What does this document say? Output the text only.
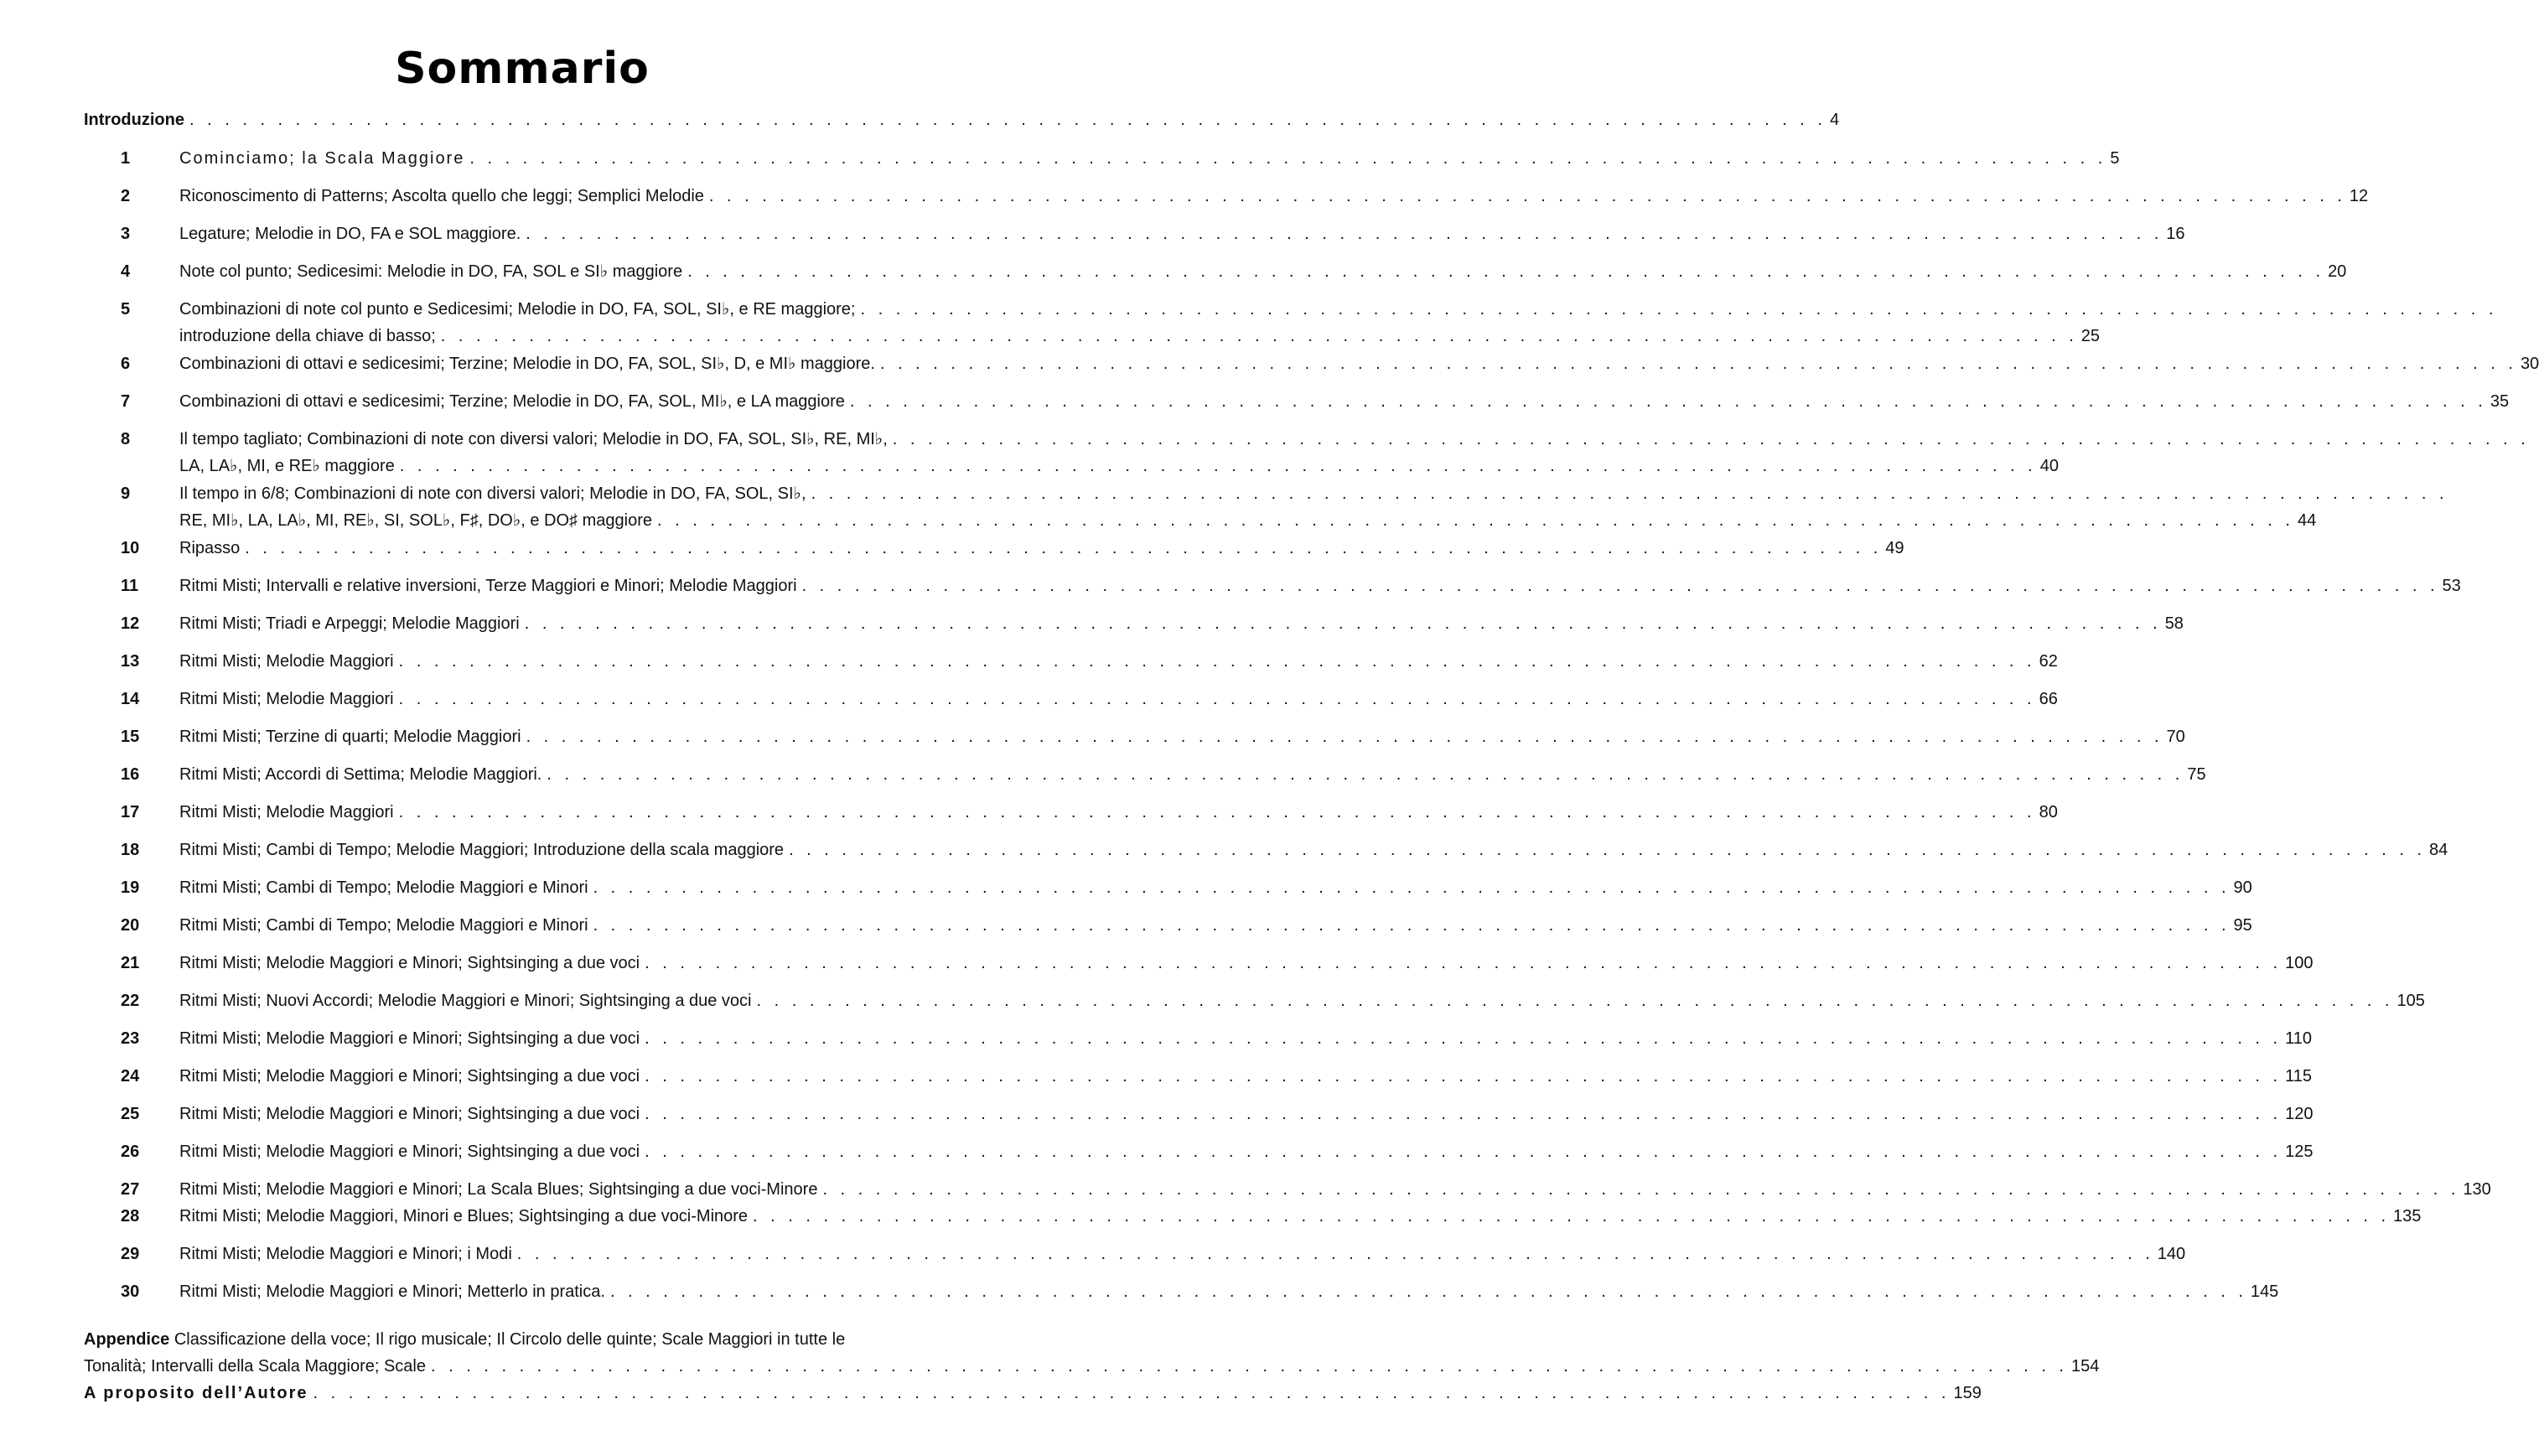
Sommario
Introduzione . . . . . . . . . . . . . . . . . . . . . . . . . . . . . . . . . . . . . . . . . . . . . . . . . . . . . . . . . . . . . . . . . . . . . . . . . . . . . . . . . . . . . . . . . . . . . 4
Appendice Classificazione della voce; Il rigo musicale; Il Circolo delle quinte; Scale Maggiori in tutte le
Tonalità; Intervalli della Scala Maggiore; Scale . . . . . . . . . . . . . . . . . . . . . . . . . . . . . . . . . . . . . . . . . . . . . . . . . . . . . . . . . . . . . . . . . . . . . . . . . . . . . . . . . . . . . . . . . . . . . 154
A proposito dell’Autore . . . . . . . . . . . . . . . . . . . . . . . . . . . . . . . . . . . . . . . . . . . . . . . . . . . . . . . . . . . . . . . . . . . . . . . . . . . . . . . . . . . . . . . . . . . . . 159
1	Cominciamo; la Scala Maggiore . . . . . . . . . . . . . . . . . . . . . . . . . . . . . . . . . . . . . . . . . . . . . . . . . . . . . . . . . . . . . . . . . . . . . . . . . . . . . . . . . . . . . . . . . . . . . 5
2	Riconoscimento di Patterns; Ascolta quello che leggi; Semplici Melodie . . . . . . . . . . . . . . . . . . . . . . . . . . . . . . . . . . . . . . . . . . . . . . . . . . . . . . . . . . . . . . . . . . . . . . . . . . . . . . . . . . . . . . . . . . . . . 12
3	Legature; Melodie in DO, FA e SOL maggiore. . . . . . . . . . . . . . . . . . . . . . . . . . . . . . . . . . . . . . . . . . . . . . . . . . . . . . . . . . . . . . . . . . . . . . . . . . . . . . . . . . . . . . . . . . . . . . 16
4	Note col punto; Sedicesimi: Melodie in DO, FA, SOL e SI♭ maggiore . . . . . . . . . . . . . . . . . . . . . . . . . . . . . . . . . . . . . . . . . . . . . . . . . . . . . . . . . . . . . . . . . . . . . . . . . . . . . . . . . . . . . . . . . . . . . 20
5	Combinazioni di note col punto e Sedicesimi; Melodie in DO, FA, SOL, SI♭, e RE maggiore; . . . . . . . . . . . . . . . . . . . . . . . . . . . . . . . . . . . . . . . . . . . . . . . . . . . . . . . . . . . . . . . . . . . . . . . . . . . . . . . . . . . . . . . . . . . . .
introduzione della chiave di basso; . . . . . . . . . . . . . . . . . . . . . . . . . . . . . . . . . . . . . . . . . . . . . . . . . . . . . . . . . . . . . . . . . . . . . . . . . . . . . . . . . . . . . . . . . . . . . 25
6	Combinazioni di ottavi e sedicesimi; Terzine; Melodie in DO, FA, SOL, SI♭, D, e MI♭ maggiore. . . . . . . . . . . . . . . . . . . . . . . . . . . . . . . . . . . . . . . . . . . . . . . . . . . . . . . . . . . . . . . . . . . . . . . . . . . . . . . . . . . . . . . . . . . . . . 30
7	Combinazioni di ottavi e sedicesimi; Terzine; Melodie in DO, FA, SOL, MI♭, e LA maggiore . . . . . . . . . . . . . . . . . . . . . . . . . . . . . . . . . . . . . . . . . . . . . . . . . . . . . . . . . . . . . . . . . . . . . . . . . . . . . . . . . . . . . . . . . . . . . 35
8	Il tempo tagliato; Combinazioni di note con diversi valori; Melodie in DO, FA, SOL, SI♭, RE, MI♭, . . . . . . . . . . . . . . . . . . . . . . . . . . . . . . . . . . . . . . . . . . . . . . . . . . . . . . . . . . . . . . . . . . . . . . . . . . . . . . . . . . . . . . . . . . . . .
LA, LA♭, MI, e RE♭ maggiore . . . . . . . . . . . . . . . . . . . . . . . . . . . . . . . . . . . . . . . . . . . . . . . . . . . . . . . . . . . . . . . . . . . . . . . . . . . . . . . . . . . . . . . . . . . . . 40
9	Il tempo in 6/8; Combinazioni di note con diversi valori; Melodie in DO, FA, SOL, SI♭, . . . . . . . . . . . . . . . . . . . . . . . . . . . . . . . . . . . . . . . . . . . . . . . . . . . . . . . . . . . . . . . . . . . . . . . . . . . . . . . . . . . . . . . . . . . . .
RE, MI♭, LA, LA♭, MI, RE♭, SI, SOL♭, F♯, DO♭, e DO♯ maggiore . . . . . . . . . . . . . . . . . . . . . . . . . . . . . . . . . . . . . . . . . . . . . . . . . . . . . . . . . . . . . . . . . . . . . . . . . . . . . . . . . . . . . . . . . . . . . 44
10 Ripasso . . . . . . . . . . . . . . . . . . . . . . . . . . . . . . . . . . . . . . . . . . . . . . . . . . . . . . . . . . . . . . . . . . . . . . . . . . . . . . . . . . . . . . . . . . . . . 49
11 Ritmi Misti; Intervalli e relative inversioni, Terze Maggiori e Minori; Melodie Maggiori . . . . . . . . . . . . . . . . . . . . . . . . . . . . . . . . . . . . . . . . . . . . . . . . . . . . . . . . . . . . . . . . . . . . . . . . . . . . . . . . . . . . . . . . . . . . . 53
12 Ritmi Misti; Triadi e Arpeggi; Melodie Maggiori . . . . . . . . . . . . . . . . . . . . . . . . . . . . . . . . . . . . . . . . . . . . . . . . . . . . . . . . . . . . . . . . . . . . . . . . . . . . . . . . . . . . . . . . . . . . . 58
13 Ritmi Misti; Melodie Maggiori . . . . . . . . . . . . . . . . . . . . . . . . . . . . . . . . . . . . . . . . . . . . . . . . . . . . . . . . . . . . . . . . . . . . . . . . . . . . . . . . . . . . . . . . . . . . . 62
14 Ritmi Misti; Melodie Maggiori . . . . . . . . . . . . . . . . . . . . . . . . . . . . . . . . . . . . . . . . . . . . . . . . . . . . . . . . . . . . . . . . . . . . . . . . . . . . . . . . . . . . . . . . . . . . . 66
15 Ritmi Misti; Terzine di quarti; Melodie Maggiori . . . . . . . . . . . . . . . . . . . . . . . . . . . . . . . . . . . . . . . . . . . . . . . . . . . . . . . . . . . . . . . . . . . . . . . . . . . . . . . . . . . . . . . . . . . . . 70
16 Ritmi Misti; Accordi di Settima; Melodie Maggiori. . . . . . . . . . . . . . . . . . . . . . . . . . . . . . . . . . . . . . . . . . . . . . . . . . . . . . . . . . . . . . . . . . . . . . . . . . . . . . . . . . . . . . . . . . . . . . 75
17 Ritmi Misti; Melodie Maggiori . . . . . . . . . . . . . . . . . . . . . . . . . . . . . . . . . . . . . . . . . . . . . . . . . . . . . . . . . . . . . . . . . . . . . . . . . . . . . . . . . . . . . . . . . . . . . 80
18 Ritmi Misti; Cambi di Tempo; Melodie Maggiori; Introduzione della scala maggiore . . . . . . . . . . . . . . . . . . . . . . . . . . . . . . . . . . . . . . . . . . . . . . . . . . . . . . . . . . . . . . . . . . . . . . . . . . . . . . . . . . . . . . . . . . . . . 84
19 Ritmi Misti; Cambi di Tempo; Melodie Maggiori e Minori . . . . . . . . . . . . . . . . . . . . . . . . . . . . . . . . . . . . . . . . . . . . . . . . . . . . . . . . . . . . . . . . . . . . . . . . . . . . . . . . . . . . . . . . . . . . . 90
20 Ritmi Misti; Cambi di Tempo; Melodie Maggiori e Minori . . . . . . . . . . . . . . . . . . . . . . . . . . . . . . . . . . . . . . . . . . . . . . . . . . . . . . . . . . . . . . . . . . . . . . . . . . . . . . . . . . . . . . . . . . . . . 95
21 Ritmi Misti; Melodie Maggiori e Minori; Sightsinging a due voci . . . . . . . . . . . . . . . . . . . . . . . . . . . . . . . . . . . . . . . . . . . . . . . . . . . . . . . . . . . . . . . . . . . . . . . . . . . . . . . . . . . . . . . . . . . . . 100
22 Ritmi Misti; Nuovi Accordi; Melodie Maggiori e Minori; Sightsinging a due voci . . . . . . . . . . . . . . . . . . . . . . . . . . . . . . . . . . . . . . . . . . . . . . . . . . . . . . . . . . . . . . . . . . . . . . . . . . . . . . . . . . . . . . . . . . . . . 105
23 Ritmi Misti; Melodie Maggiori e Minori; Sightsinging a due voci . . . . . . . . . . . . . . . . . . . . . . . . . . . . . . . . . . . . . . . . . . . . . . . . . . . . . . . . . . . . . . . . . . . . . . . . . . . . . . . . . . . . . . . . . . . . . 110
24 Ritmi Misti; Melodie Maggiori e Minori; Sightsinging a due voci . . . . . . . . . . . . . . . . . . . . . . . . . . . . . . . . . . . . . . . . . . . . . . . . . . . . . . . . . . . . . . . . . . . . . . . . . . . . . . . . . . . . . . . . . . . . . 115
25 Ritmi Misti; Melodie Maggiori e Minori; Sightsinging a due voci . . . . . . . . . . . . . . . . . . . . . . . . . . . . . . . . . . . . . . . . . . . . . . . . . . . . . . . . . . . . . . . . . . . . . . . . . . . . . . . . . . . . . . . . . . . . . 120
26 Ritmi Misti; Melodie Maggiori e Minori; Sightsinging a due voci . . . . . . . . . . . . . . . . . . . . . . . . . . . . . . . . . . . . . . . . . . . . . . . . . . . . . . . . . . . . . . . . . . . . . . . . . . . . . . . . . . . . . . . . . . . . . 125
27 Ritmi Misti; Melodie Maggiori e Minori; La Scala Blues; Sightsinging a due voci-Minore . . . . . . . . . . . . . . . . . . . . . . . . . . . . . . . . . . . . . . . . . . . . . . . . . . . . . . . . . . . . . . . . . . . . . . . . . . . . . . . . . . . . . . . . . . . . . 130
28 Ritmi Misti; Melodie Maggiori, Minori e Blues; Sightsinging a due voci-Minore . . . . . . . . . . . . . . . . . . . . . . . . . . . . . . . . . . . . . . . . . . . . . . . . . . . . . . . . . . . . . . . . . . . . . . . . . . . . . . . . . . . . . . . . . . . . . 135
29 Ritmi Misti; Melodie Maggiori e Minori; i Modi . . . . . . . . . . . . . . . . . . . . . . . . . . . . . . . . . . . . . . . . . . . . . . . . . . . . . . . . . . . . . . . . . . . . . . . . . . . . . . . . . . . . . . . . . . . . . 140
30 Ritmi Misti; Melodie Maggiori e Minori; Metterlo in pratica. . . . . . . . . . . . . . . . . . . . . . . . . . . . . . . . . . . . . . . . . . . . . . . . . . . . . . . . . . . . . . . . . . . . . . . . . . . . . . . . . . . . . . . . . . . . . . 145
